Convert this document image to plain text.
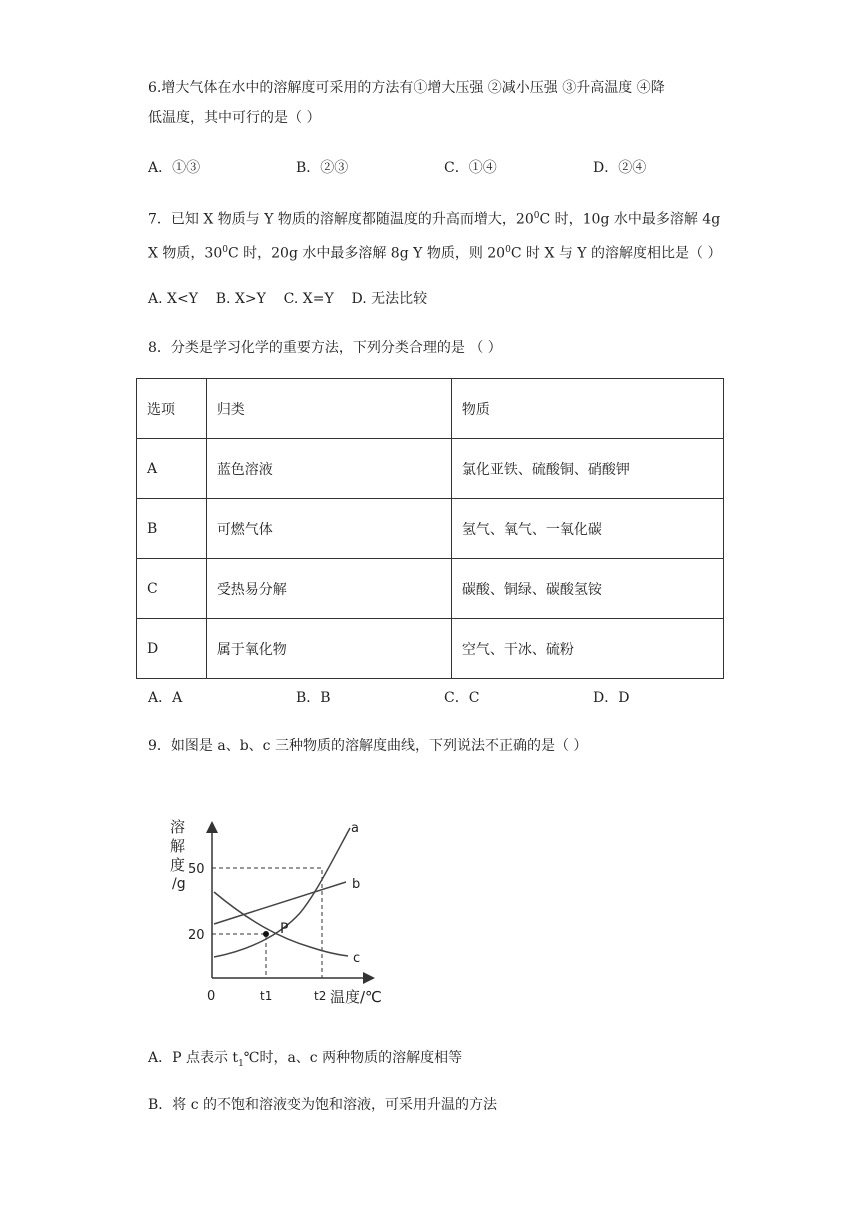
6.增大气体在水中的溶解度可采用的方法有①增大压强 ②减小压强 ③升高温度 ④降
低温度，其中可行的是（ ）
A．①③	B．②③	C．①④	D．②④
7．已知 X 物质与 Y 物质的溶解度都随温度的升高而增大，$20^0C$ 时，10g 水中最多溶解 4g
X 物质，$30^0C$ 时，20g 水中最多溶解 8g Y 物质，则 $20^0C$ 时 X 与 Y 的溶解度相比是（ ）
A. X<Y    B. X>Y    C. X=Y    D. 无法比较
8．分类是学习化学的重要方法，下列分类合理的是 （ ）
选项	归类	物质
A	蓝色溶液	氯化亚铁、硫酸铜、硝酸钾
B	可燃气体	氢气、氧气、一氧化碳
C	受热易分解	碳酸、铜绿、碳酸氢铵
D	属于氧化物	空气、干冰、硫粉
A．A	B．B	C．C	D．D
9．如图是 a、b、c 三种物质的溶解度曲线，下列说法不正确的是（ ）
P
a
b
c
溶
解
度
/g
50
20
0	t1	t2 温度/℃
A．P 点表示 $t_1℃$时，a、c 两种物质的溶解度相等
B．将 c 的不饱和溶液变为饱和溶液，可采用升温的方法
